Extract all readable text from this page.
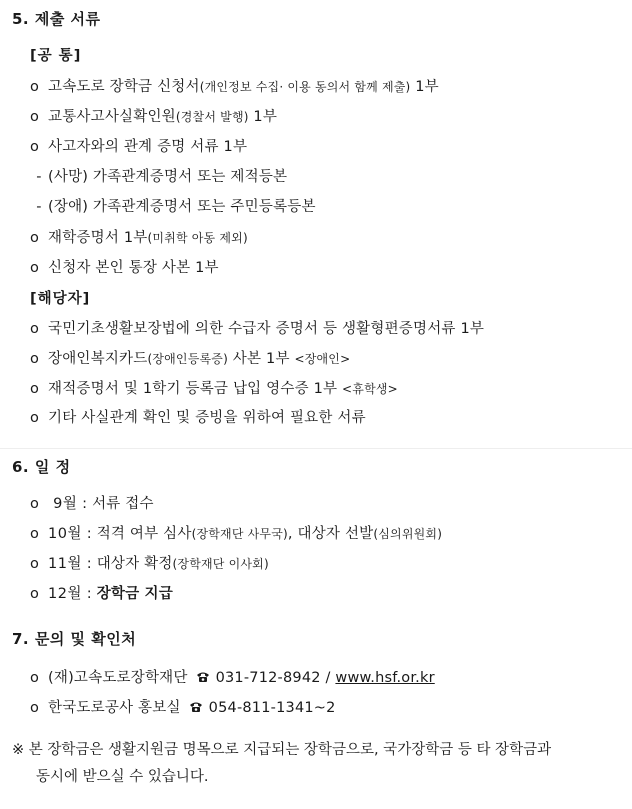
5. 제출 서류
[공 통]
o 고속도로 장학금 신청서(개인정보 수집· 이용 동의서 함께 제출) 1부
o 교통사고사실확인원(경찰서 발행) 1부
o 사고자와의 관계 증명 서류 1부
- (사망) 가족관계증명서 또는 제적등본
- (장애) 가족관계증명서 또는 주민등록등본
o 재학증명서 1부(미취학 아동 제외)
o 신청자 본인 통장 사본 1부
[해당자]
o 국민기초생활보장법에 의한 수급자 증명서 등 생활형편증명서류 1부
o 장애인복지카드(장애인등록증) 사본 1부 <장애인>
o 재적증명서 및 1학기 등록금 납입 영수증 1부 <휴학생>
o 기타 사실관계 확인 및 증빙을 위하여 필요한 서류
6. 일 정
o 9월 : 서류 접수
o 10월 : 적격 여부 심사(장학재단 사무국), 대상자 선발(심의위원회)
o 11월 : 대상자 확정(장학재단 이사회)
o 12월 : 장학금 지급
7. 문의 및 확인처
o (재)고속도로장학재단 031-712-8942 / www.hsf.or.kr
o 한국도로공사 홍보실 054-811-1341~2
※ 본 장학금은 생활지원금 명목으로 지급되는 장학금으로, 국가장학금 등 타 장학금과
동시에 받으실 수 있습니다.
